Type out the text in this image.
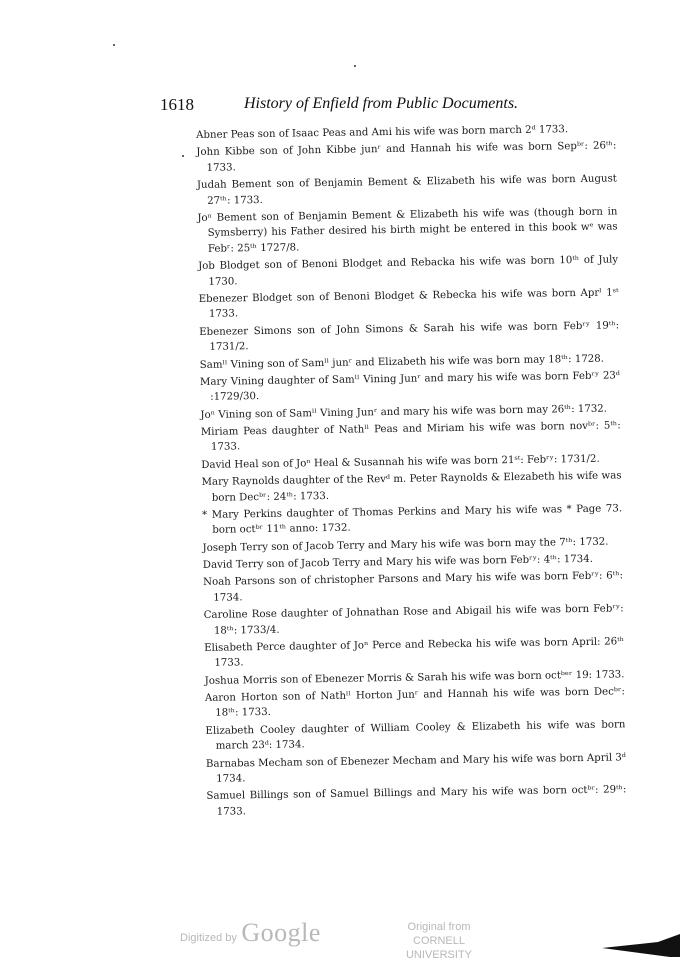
1618	History of Enfield from Public Documents.

Abner Peas son of Isaac Peas and Ami his wife was born march 2ᵈ 1733.

John Kibbe son of John Kibbe junʳ and Hannah his wife was born Sepᵇʳ: 26ᵗʰ: 1733.

Judah Bement son of Benjamin Bement & Elizabeth his wife was born August 27ᵗʰ: 1733.

Joⁿ Bement son of Benjamin Bement & Elizabeth his wife was (though born in Symsberry) his Father desired his birth might be entered in this book wᵉ was Febʳ: 25ᵗʰ 1727/8.

Job Blodget son of Benoni Blodget and Rebacka his wife was born 10ᵗʰ of July 1730.

Ebenezer Blodget son of Benoni Blodget & Rebecka his wife was born Aprˡ 1ˢᵗ 1733.

Ebenezer Simons son of John Simons & Sarah his wife was born Febʳʸ 19ᵗʰ: 1731/2.

Samˡˡ Vining son of Samˡˡ junʳ and Elizabeth his wife was born may 18ᵗʰ: 1728.

Mary Vining daughter of Samˡˡ Vining Junʳ and mary his wife was born Febʳʸ 23ᵈ :1729/30.

Joⁿ Vining son of Samˡˡ Vining Junʳ and mary his wife was born may 26ᵗʰ: 1732.

Miriam Peas daughter of Nathˡˡ Peas and Miriam his wife was born novᵇʳ: 5ᵗʰ: 1733.

David Heal son of Joⁿ Heal & Susannah his wife was born 21ˢᵗ: Febʳʸ: 1731/2.

Mary Raynolds daughter of the Revᵈ m. Peter Raynolds & Elezabeth his wife was born Decᵇʳ: 24ᵗʰ: 1733.

* Mary Perkins daughter of Thomas Perkins and Mary his wife was * Page 73. born octᵇʳ 11ᵗʰ anno: 1732.

Joseph Terry son of Jacob Terry and Mary his wife was born may the 7ᵗʰ: 1732.

David Terry son of Jacob Terry and Mary his wife was born Febʳʸ: 4ᵗʰ: 1734.

Noah Parsons son of christopher Parsons and Mary his wife was born Febʳʸ: 6ᵗʰ: 1734.

Caroline Rose daughter of Johnathan Rose and Abigail his wife was born Febʳʸ: 18ᵗʰ: 1733/4.

Elisabeth Perce daughter of Joⁿ Perce and Rebecka his wife was born April: 26ᵗʰ 1733.

Joshua Morris son of Ebenezer Morris & Sarah his wife was born octᵇᵉʳ 19: 1733.

Aaron Horton son of Nathˡˡ Horton Junʳ and Hannah his wife was born Decᵇʳ: 18ᵗʰ: 1733.

Elizabeth Cooley daughter of William Cooley & Elizabeth his wife was born march 23ᵈ: 1734.

Barnabas Mecham son of Ebenezer Mecham and Mary his wife was born April 3ᵈ 1734.

Samuel Billings son of Samuel Billings and Mary his wife was born octᵇʳ: 29ᵗʰ: 1733.

Digitized by Google	Original from
CORNELL UNIVERSITY
